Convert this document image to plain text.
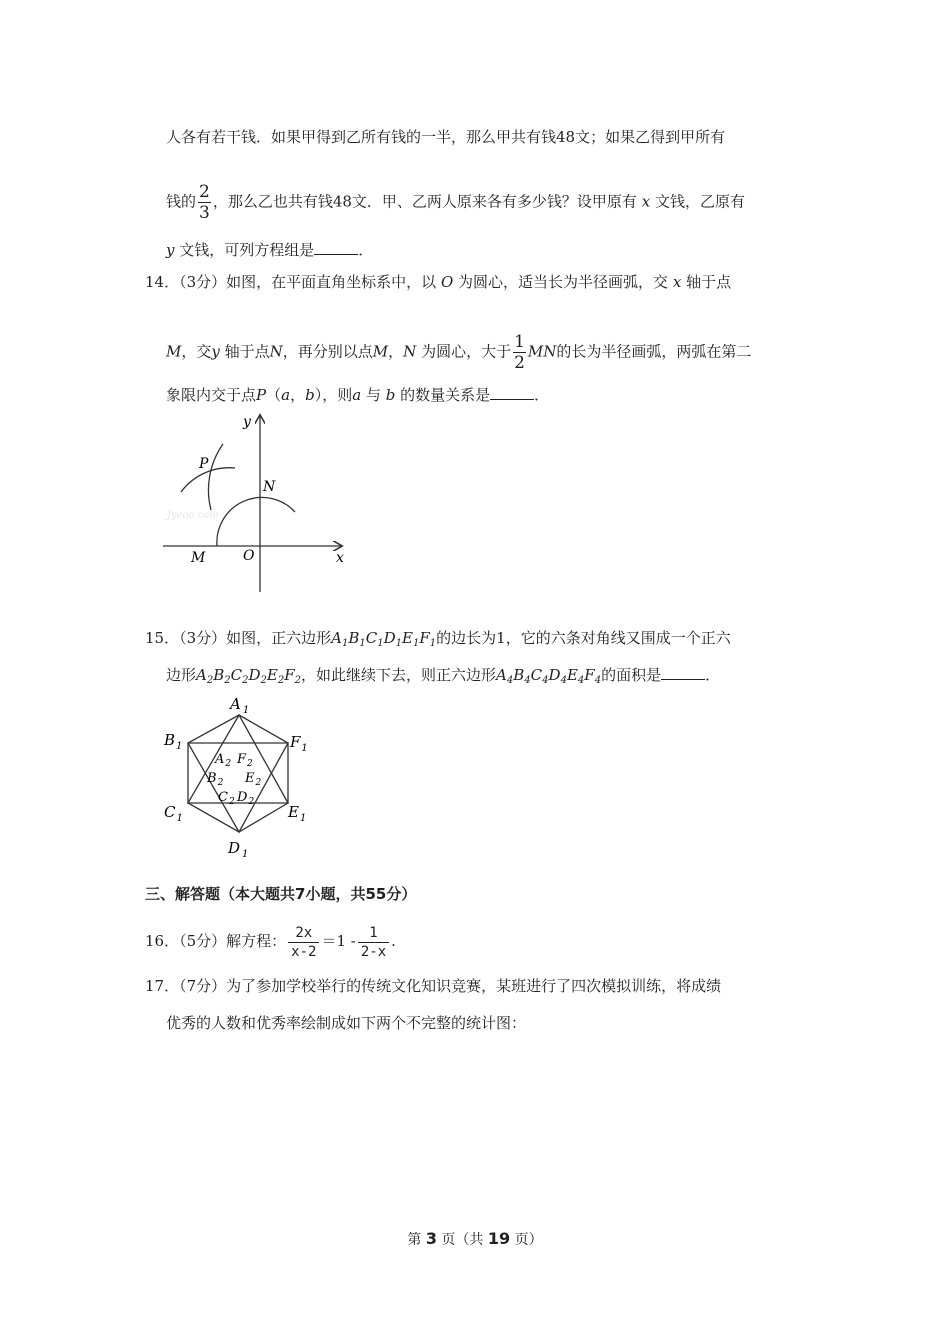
人各有若干钱．如果甲得到乙所有钱的一半，那么甲共有钱48文；如果乙得到甲所有
钱的 $\frac{2}{3}$ ，那么乙也共有钱48文．甲、乙两人原来各有多少钱？设甲原有 x 文钱，乙原有
y 文钱，可列方程组是	．
14．（3分）如图，在平面直角坐标系中，以 O 为圆心，适当长为半径画弧，交 x 轴于点
M，交y 轴于点N，再分别以点M，N 为圆心，大于 $\frac{1}{2}$ MN的长为半径画弧，两弧在第二
象限内交于点P（a，b），则a 与 b 的数量关系是	．
y
P
N
M	O	x
Jyeoo.com
15．（3分）如图，正六边形$A_1B_1C_1D_1E_1F_1$的边长为1，它的六条对角线又围成一个正六
边形$A_2B_2C_2D_2E_2F_2$，如此继续下去，则正六边形$A_4B_4C_4D_4E_4F_4$的面积是	．
A $_1$
$B_1$	$F_1$
$C_1$	$E_1$
D $_1$
$A_2$ $F_2$
$B_2$ $E_2$
$C_2$ $D_2$
三、解答题（本大题共7小题，共55分）
16．（5分）解方程： $\frac{2x}{x-2} =1 - \frac{1}{2-x}$ .
17．（7分）为了参加学校举行的传统文化知识竞赛，某班进行了四次模拟训练，将成绩
优秀的人数和优秀率绘制成如下两个不完整的统计图：
第 3 页（共 19 页）
